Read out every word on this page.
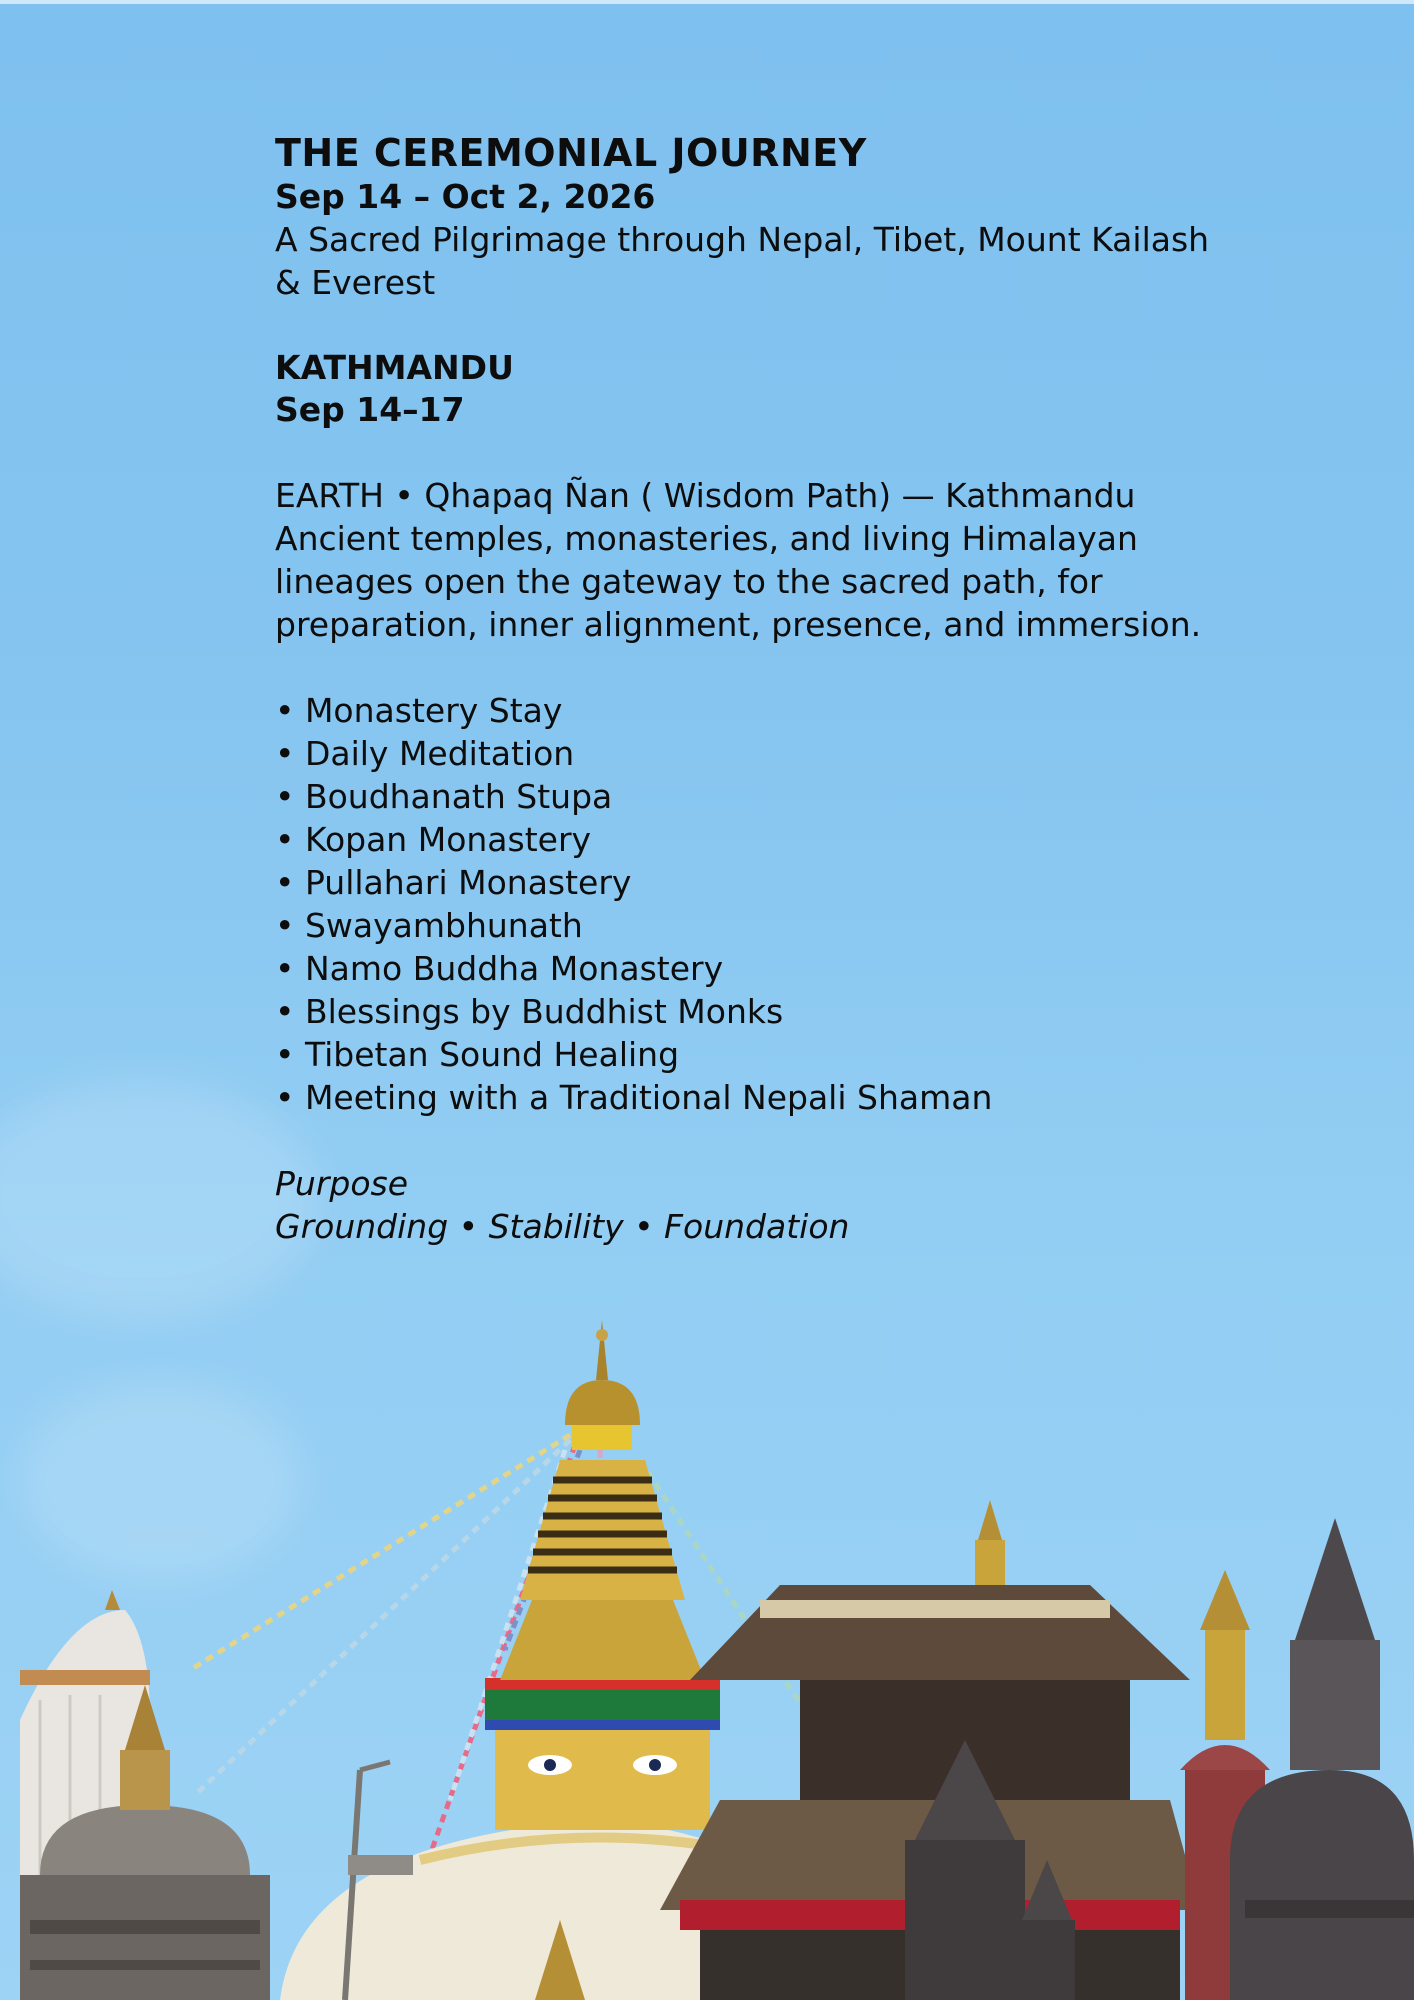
THE CEREMONIAL JOURNEY
Sep 14 – Oct 2, 2026
A Sacred Pilgrimage through Nepal, Tibet, Mount Kailash & Everest
KATHMANDU
Sep 14–17
EARTH • Qhapaq Ñan ( Wisdom Path) — Kathmandu
Ancient temples, monasteries, and living Himalayan lineages open the gateway to the sacred path, for preparation, inner alignment, presence, and immersion.
• Monastery Stay
• Daily Meditation
• Boudhanath Stupa
• Kopan Monastery
• Pullahari Monastery
• Swayambhunath
• Namo Buddha Monastery
• Blessings by Buddhist Monks
• Tibetan Sound Healing
• Meeting with a Traditional Nepali Shaman
Purpose
Grounding • Stability • Foundation
